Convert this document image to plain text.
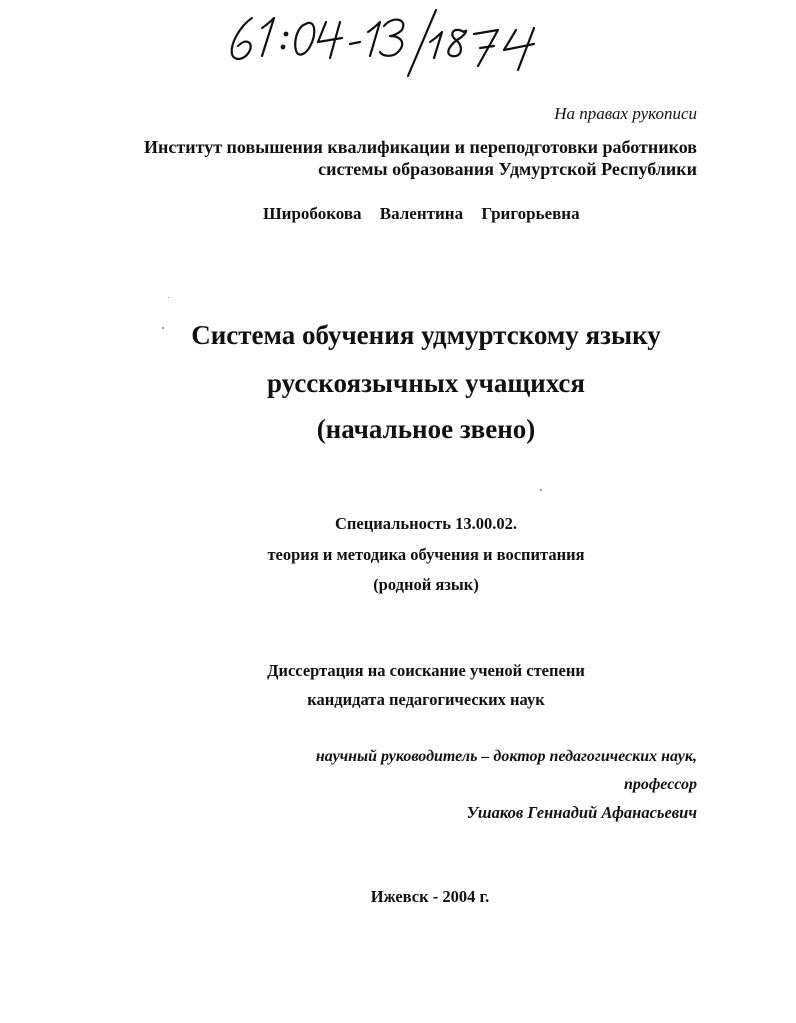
На правах рукописи
Институт повышения квалификации и переподготовки работников
системы образования Удмуртской Республики
Широбокова Валентина Григорьевна
Система обучения удмуртскому языку
русскоязычных учащихся
(начальное звено)
Специальность 13.00.02.
теория и методика обучения и воспитания
(родной язык)
Диссертация на соискание ученой степени
кандидата педагогических наук
научный руководитель – доктор педагогических наук,
профессор
Ушаков Геннадий Афанасьевич
Ижевск - 2004 г.
